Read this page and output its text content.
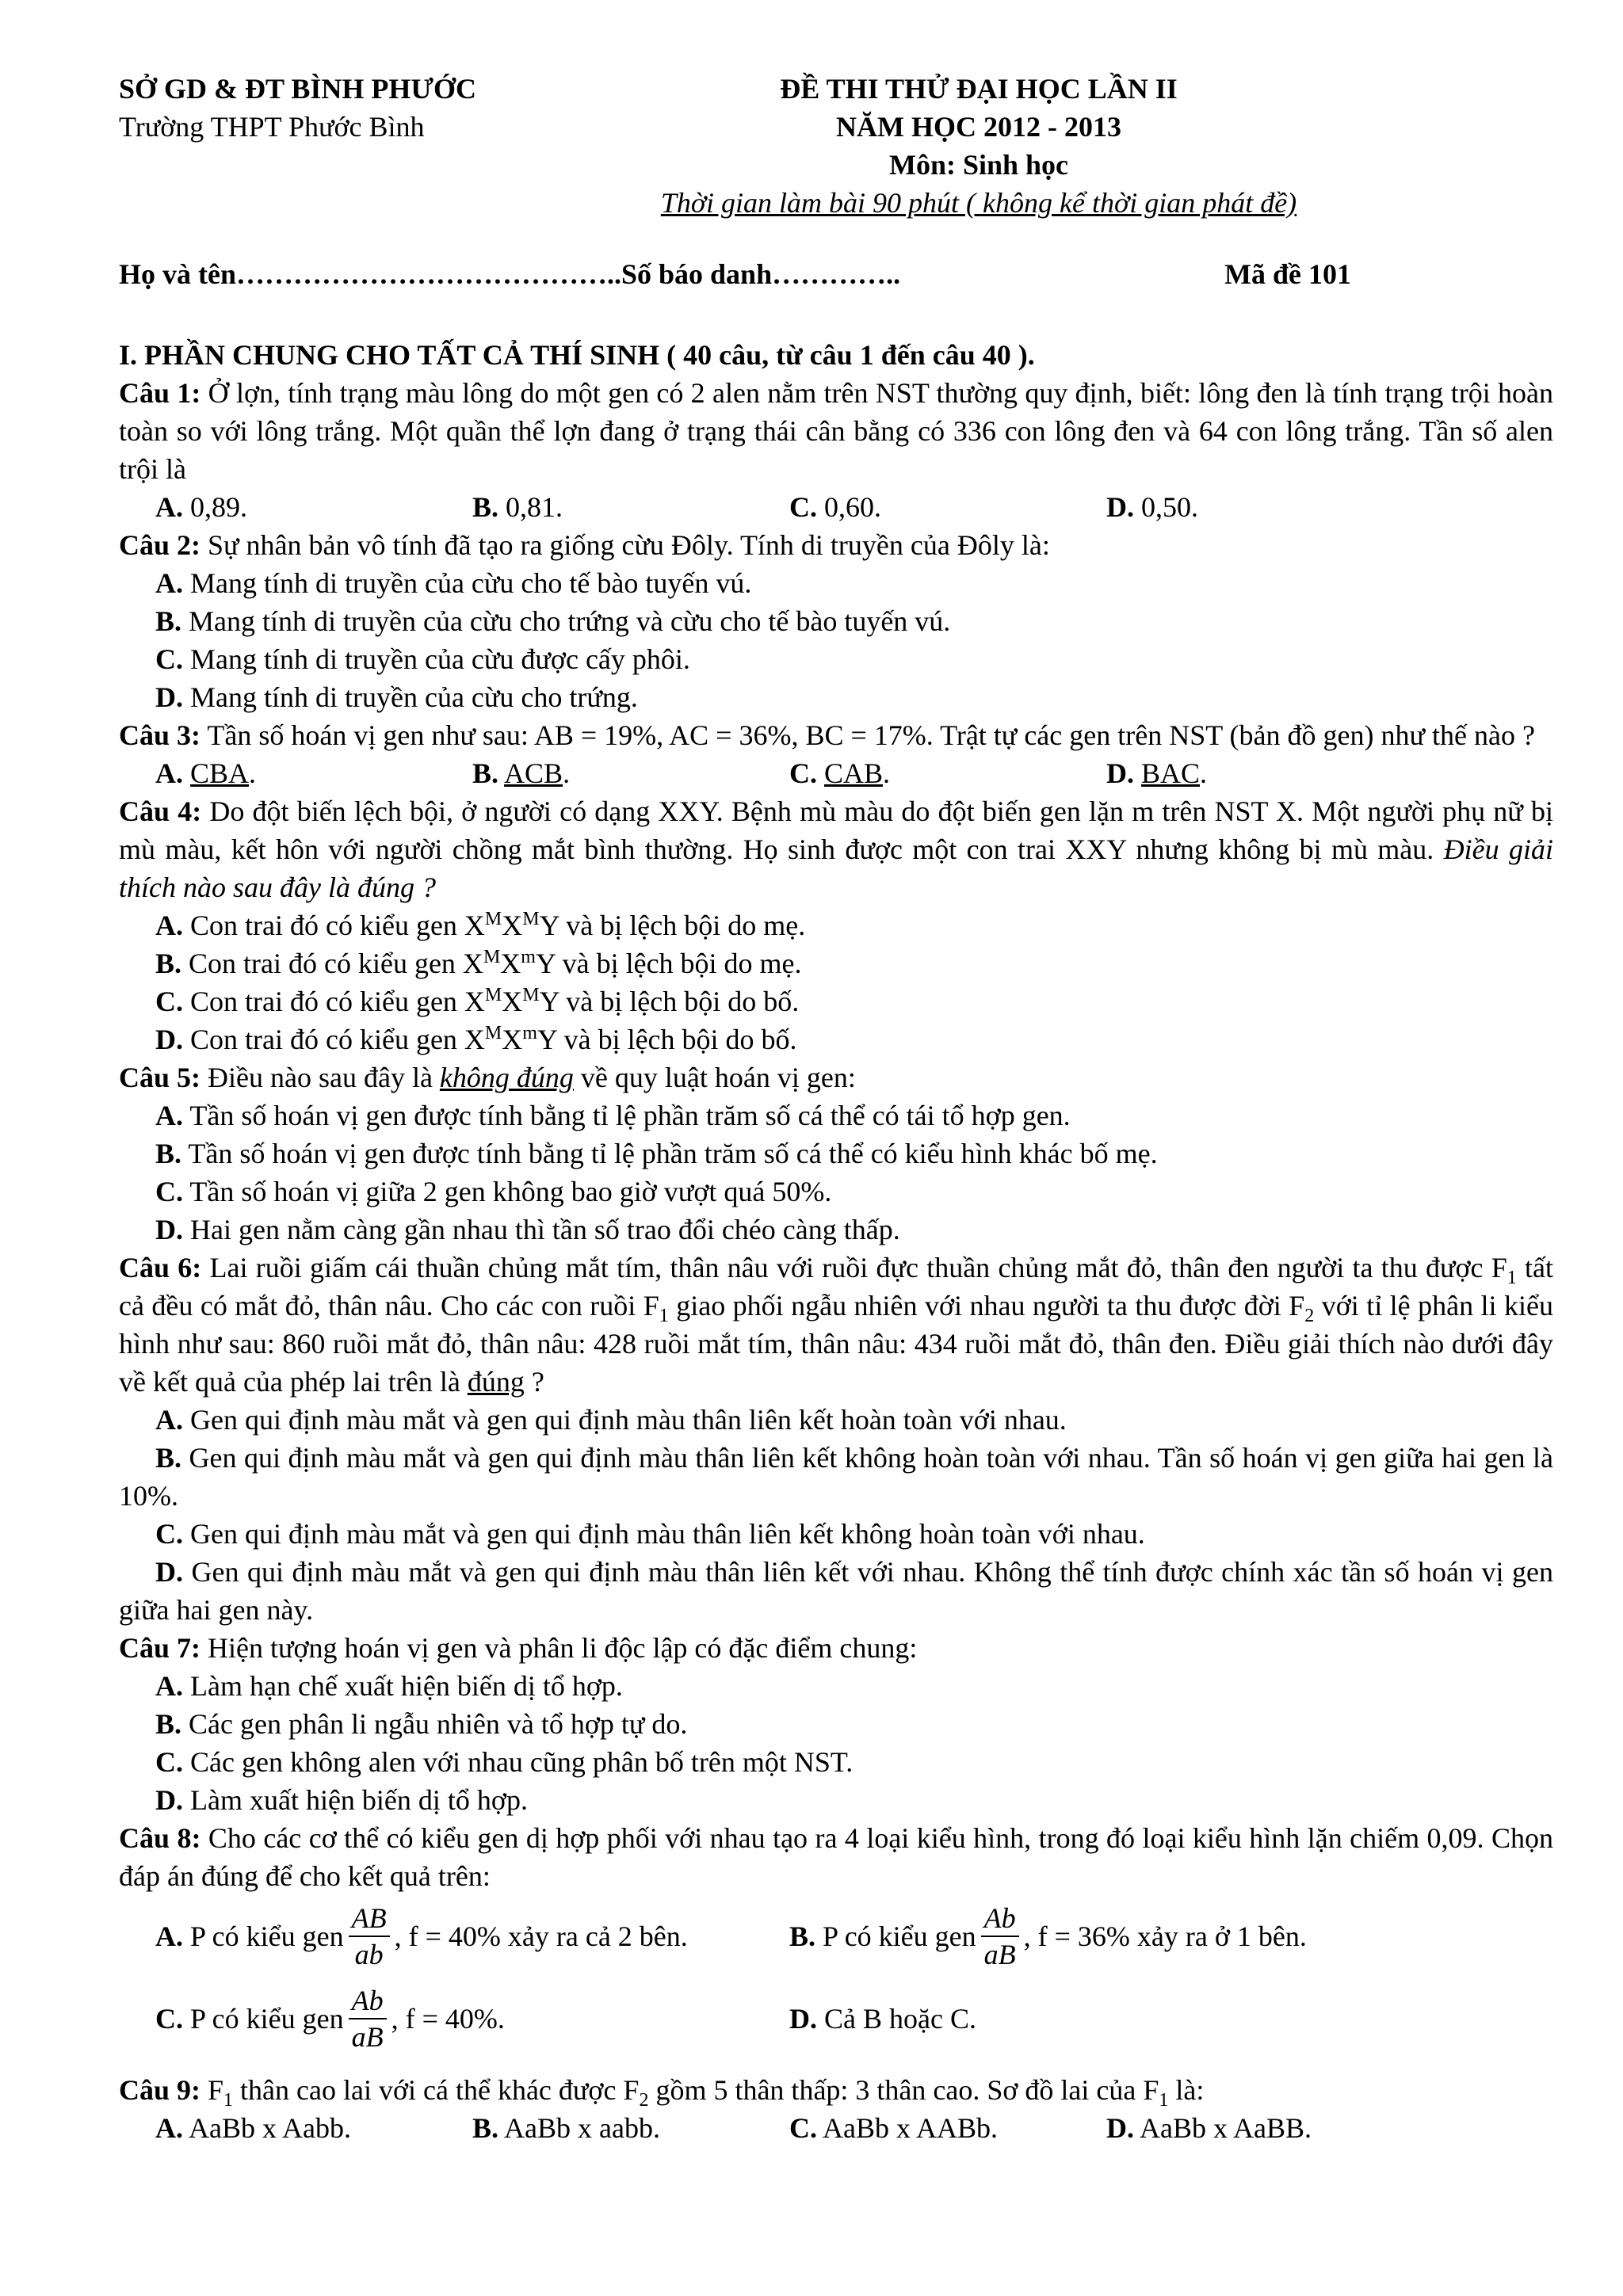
SỞ GD & ĐT BÌNH PHƯỚC
Trường THPT Phước Bình
ĐỀ THI THỬ ĐẠI HỌC LẦN II
NĂM HỌC 2012 - 2013
Môn: Sinh học
Thời gian làm bài 90 phút ( không kể thời gian phát đề)
Họ và tên…………………………………..Số báo danh…………..	Mã đề 101

I. PHẦN CHUNG CHO TẤT CẢ THÍ SINH ( 40 câu, từ câu 1 đến câu 40 ).

Câu 1: Ở lợn, tính trạng màu lông do một gen có 2 alen nằm trên NST thường quy định, biết: lông đen là tính trạng trội hoàn toàn so với lông trắng. Một quần thể lợn đang ở trạng thái cân bằng có 336 con lông đen và 64 con lông trắng. Tần số alen trội là

A. 0,89.	B. 0,81.	C. 0,60.	D. 0,50.

Câu 2: Sự nhân bản vô tính đã tạo ra giống cừu Đôly. Tính di truyền của Đôly là:

A. Mang tính di truyền của cừu cho tế bào tuyến vú.

B. Mang tính di truyền của cừu cho trứng và cừu cho tế bào tuyến vú.

C. Mang tính di truyền của cừu được cấy phôi.

D. Mang tính di truyền của cừu cho trứng.

Câu 3: Tần số hoán vị gen như sau: AB = 19%, AC = 36%, BC = 17%. Trật tự các gen trên NST (bản đồ gen) như thế nào ?

A. CBA.	B. ACB.	C. CAB.	D. BAC.

Câu 4: Do đột biến lệch bội, ở người có dạng XXY. Bệnh mù màu do đột biến gen lặn m trên NST X. Một người phụ nữ bị mù màu, kết hôn với người chồng mắt bình thường. Họ sinh được một con trai XXY nhưng không bị mù màu. Điều giải thích nào sau đây là đúng ?

A. Con trai đó có kiểu gen $X^MX^MY$ và bị lệch bội do mẹ.

B. Con trai đó có kiểu gen $X^MX^mY$ và bị lệch bội do mẹ.

C. Con trai đó có kiểu gen $X^MX^MY$ và bị lệch bội do bố.

D. Con trai đó có kiểu gen $X^MX^mY$ và bị lệch bội do bố.

Câu 5: Điều nào sau đây là không đúng về quy luật hoán vị gen:

A. Tần số hoán vị gen được tính bằng tỉ lệ phần trăm số cá thể có tái tổ hợp gen.

B. Tần số hoán vị gen được tính bằng tỉ lệ phần trăm số cá thể có kiểu hình khác bố mẹ.

C. Tần số hoán vị giữa 2 gen không bao giờ vượt quá 50%.

D. Hai gen nằm càng gần nhau thì tần số trao đổi chéo càng thấp.

Câu 6: Lai ruồi giấm cái thuần chủng mắt tím, thân nâu với ruồi đực thuần chủng mắt đỏ, thân đen người ta thu được $F_1$ tất cả đều có mắt đỏ, thân nâu. Cho các con ruồi $F_1$ giao phối ngẫu nhiên với nhau người ta thu được đời $F_2$ với tỉ lệ phân li kiểu hình như sau: 860 ruồi mắt đỏ, thân nâu: 428 ruồi mắt tím, thân nâu: 434 ruồi mắt đỏ, thân đen. Điều giải thích nào dưới đây về kết quả của phép lai trên là đúng ?

A. Gen qui định màu mắt và gen qui định màu thân liên kết hoàn toàn với nhau.

B. Gen qui định màu mắt và gen qui định màu thân liên kết không hoàn toàn với nhau. Tần số hoán vị gen giữa hai gen là 10%.

C. Gen qui định màu mắt và gen qui định màu thân liên kết không hoàn toàn với nhau.

D. Gen qui định màu mắt và gen qui định màu thân liên kết với nhau. Không thể tính được chính xác tần số hoán vị gen giữa hai gen này.

Câu 7: Hiện tượng hoán vị gen và phân li độc lập có đặc điểm chung:

A. Làm hạn chế xuất hiện biến dị tổ hợp.

B. Các gen phân li ngẫu nhiên và tổ hợp tự do.

C. Các gen không alen với nhau cũng phân bố trên một NST.

D. Làm xuất hiện biến dị tổ hợp.

Câu 8: Cho các cơ thể có kiểu gen dị hợp phối với nhau tạo ra 4 loại kiểu hình, trong đó loại kiểu hình lặn chiếm 0,09. Chọn đáp án đúng để cho kết quả trên:

A.
P có kiểu gen $\frac{AB}{ab}$ , f = 40% xảy ra cả 2 bên.	B.
P có kiểu gen $\frac{Ab}{aB}$ , f = 36% xảy ra ở 1 bên.
C.
P có kiểu gen $\frac{Ab}{aB}$ , f = 40%.	D.
Cả B hoặc C.

Câu 9: $F_1$ thân cao lai với cá thể khác được $F_2$ gồm 5 thân thấp: 3 thân cao. Sơ đồ lai của $F_1$ là:

A. AaBb x Aabb.	B. AaBb x aabb.	C. AaBb x AABb.	D. AaBb x AaBB.
